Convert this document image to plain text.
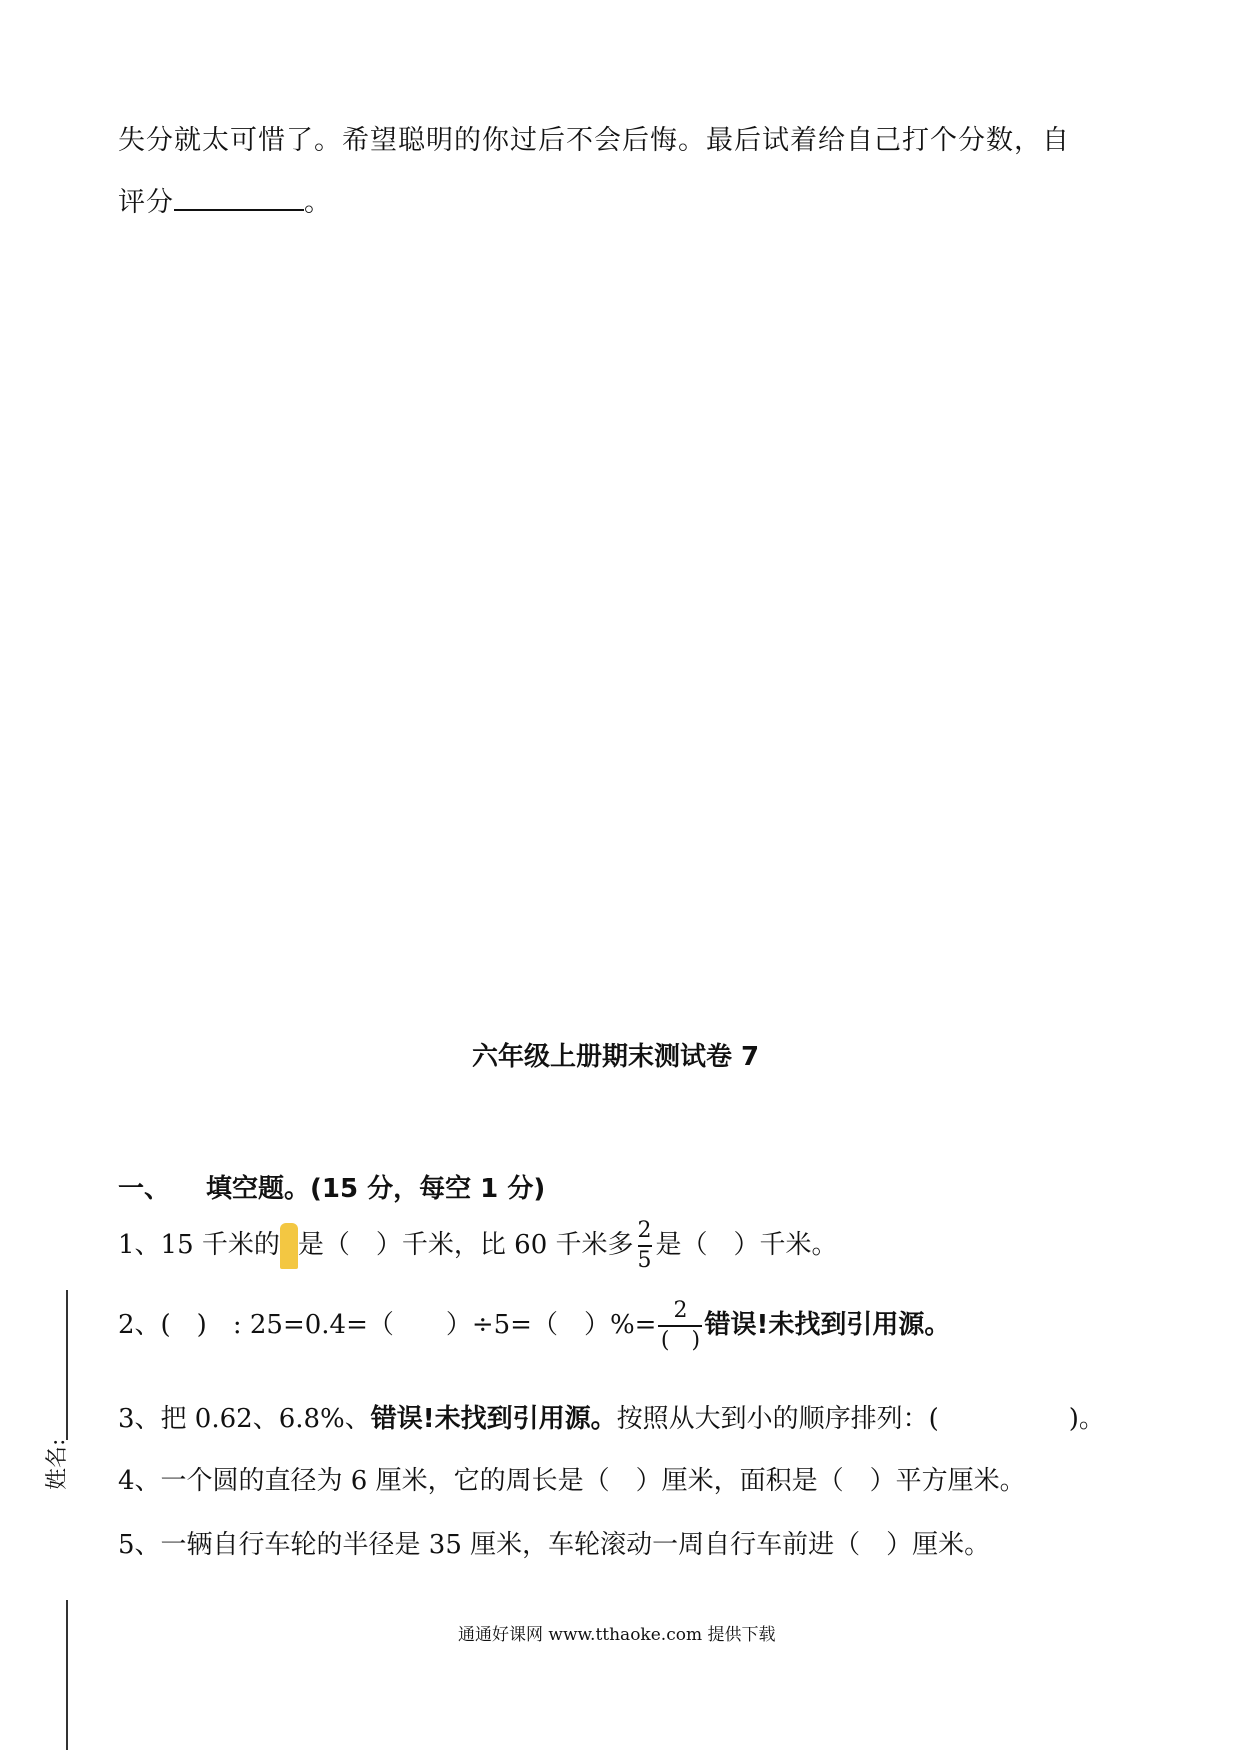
失分就太可惜了。希望聪明的你过后不会后悔。最后试着给自己打个分数，自
评分	。
六年级上册期末测试卷 7
一、 填空题。(15 分，每空 1 分)
1、15 千米的 是（　）千米，比 60 千米多 $\frac{2}{5}$ 是（　）千米。
2、(　)　: 25=0.4=（　　）÷5=（　）%= $\frac{2}{( )}$ 错误!未找到引用源。
3、把 0.62、6.8%、错误!未找到引用源。按照从大到小的顺序排列：(　　　　　)。
4、一个圆的直径为 6 厘米，它的周长是（　）厘米，面积是（　）平方厘米。
5、一辆自行车轮的半径是 35 厘米，车轮滚动一周自行车前进（　）厘米。
姓名:
通通好课网 www.tthaoke.com 提供下载
